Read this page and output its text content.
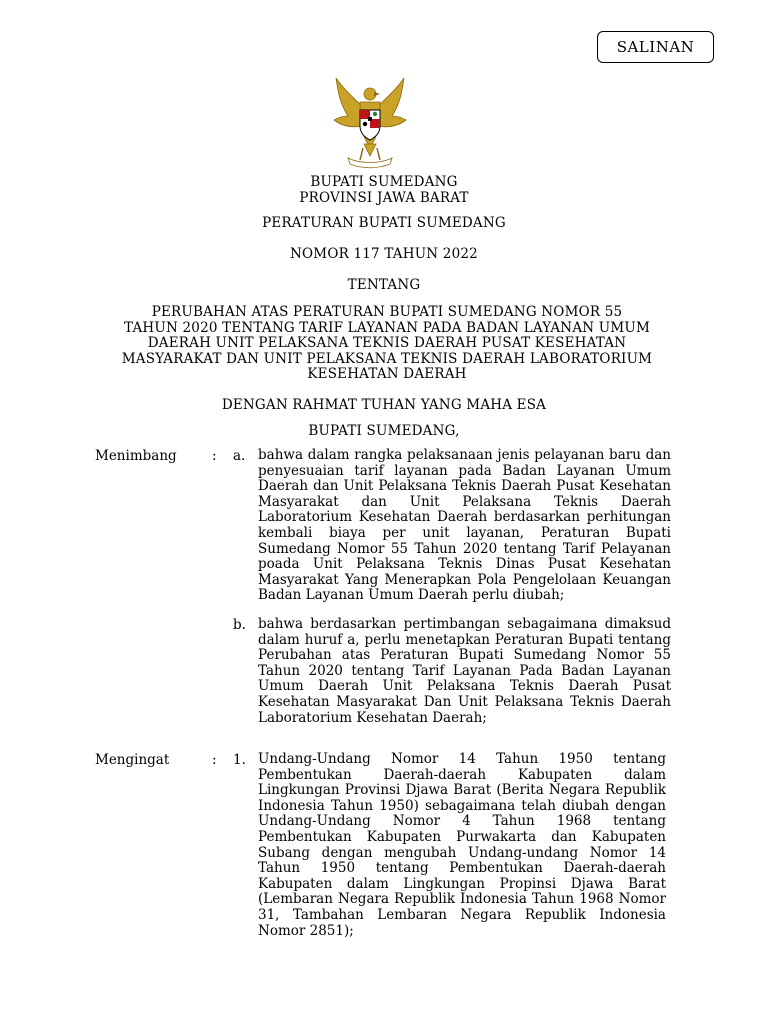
SALINAN
BUPATI SUMEDANG
PROVINSI JAWA BARAT
PERATURAN BUPATI SUMEDANG
NOMOR 117 TAHUN 2022
TENTANG
PERUBAHAN ATAS PERATURAN BUPATI SUMEDANG NOMOR 55
TAHUN 2020 TENTANG TARIF LAYANAN PADA BADAN LAYANAN UMUM
DAERAH UNIT PELAKSANA TEKNIS DAERAH PUSAT KESEHATAN
MASYARAKAT DAN UNIT PELAKSANA TEKNIS DAERAH LABORATORIUM
KESEHATAN DAERAH
DENGAN RAHMAT TUHAN YANG MAHA ESA
BUPATI SUMEDANG,
Menimbang	: a. bahwa dalam rangka pelaksanaan jenis pelayanan baru dan penyesuaian tarif layanan pada Badan Layanan Umum Daerah dan Unit Pelaksana Teknis Daerah Pusat Kesehatan Masyarakat dan Unit Pelaksana Teknis Daerah Laboratorium Kesehatan Daerah berdasarkan perhitungan kembali biaya per unit layanan, Peraturan Bupati Sumedang Nomor 55 Tahun 2020 tentang Tarif Pelayanan poada Unit Pelaksana Teknis Dinas Pusat Kesehatan Masyarakat Yang Menerapkan Pola Pengelolaan Keuangan Badan Layanan Umum Daerah perlu diubah;
b. bahwa berdasarkan pertimbangan sebagaimana dimaksud dalam huruf a, perlu menetapkan Peraturan Bupati tentang Perubahan atas Peraturan Bupati Sumedang Nomor 55 Tahun 2020 tentang Tarif Layanan Pada Badan Layanan Umum Daerah Unit Pelaksana Teknis Daerah Pusat Kesehatan Masyarakat Dan Unit Pelaksana Teknis Daerah Laboratorium Kesehatan Daerah;
Mengingat	: 1. Undang-Undang Nomor 14 Tahun 1950 tentang Pembentukan Daerah-daerah Kabupaten dalam Lingkungan Provinsi Djawa Barat (Berita Negara Republik Indonesia Tahun 1950) sebagaimana telah diubah dengan Undang-Undang Nomor 4 Tahun 1968 tentang Pembentukan Kabupaten Purwakarta dan Kabupaten Subang dengan mengubah Undang-undang Nomor 14 Tahun 1950 tentang Pembentukan Daerah-daerah Kabupaten dalam Lingkungan Propinsi Djawa Barat (Lembaran Negara Republik Indonesia Tahun 1968 Nomor 31, Tambahan Lembaran Negara Republik Indonesia Nomor 2851);
